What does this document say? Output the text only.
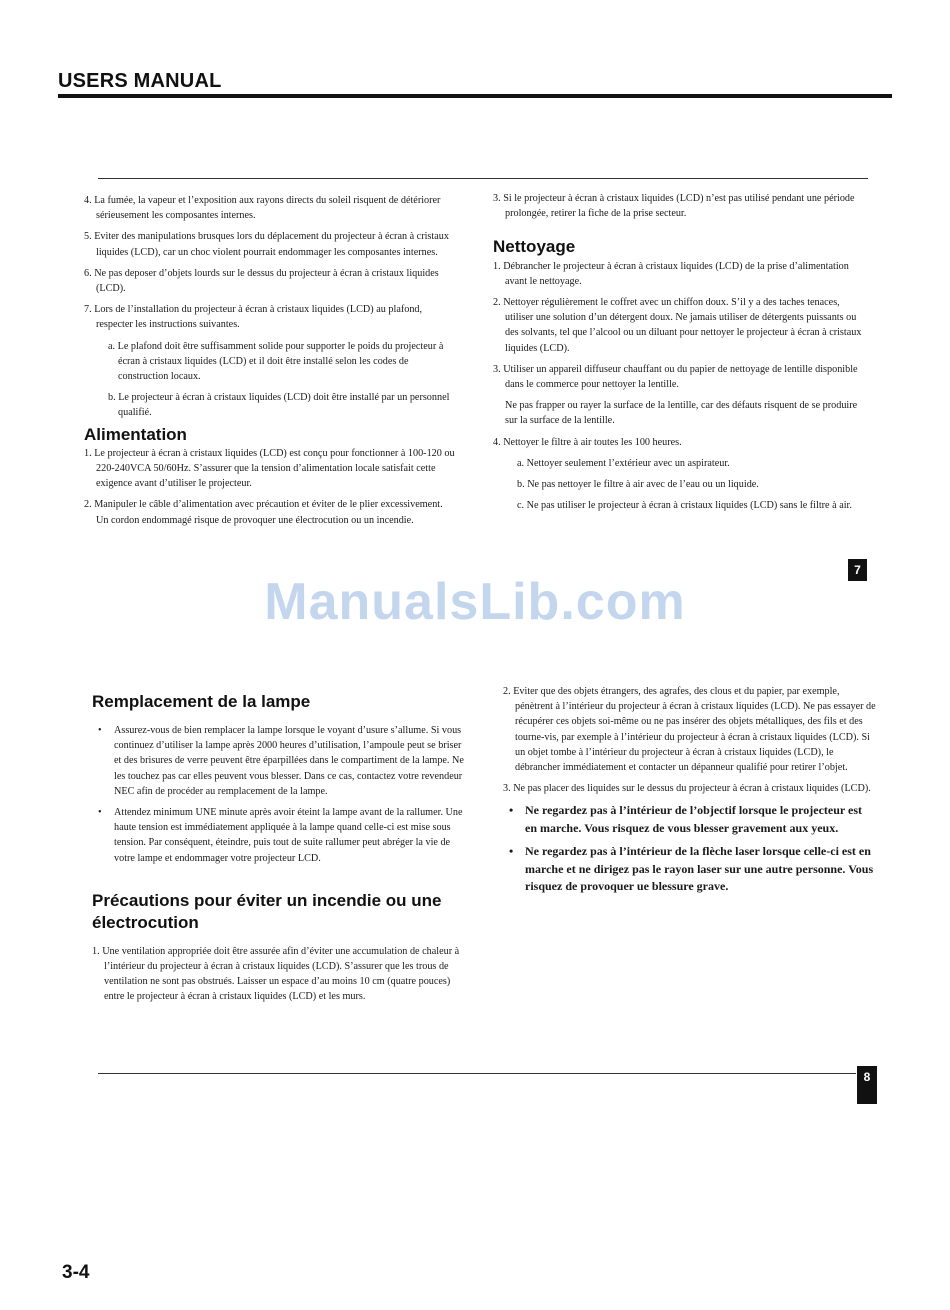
USERS MANUAL

4. La fumée, la vapeur et l’exposition aux rayons directs du soleil risquent de détériorer sérieusement les composantes internes.

5. Eviter des manipulations brusques lors du déplacement du projecteur à écran à cristaux liquides (LCD), car un choc violent pourrait endommager les composantes internes.

6. Ne pas deposer d’objets lourds sur le dessus du projecteur à écran à cristaux liquides (LCD).

7. Lors de l’installation du projecteur à écran à cristaux liquides (LCD) au plafond, respecter les instructions suivantes.

a. Le plafond doit être suffisamment solide pour supporter le poids du projecteur à écran à cristaux liquides (LCD) et il doit être installé selon les codes de construction locaux.

b. Le projecteur à écran à cristaux liquides (LCD) doit être installé par un personnel qualifié.

Alimentation

1. Le projecteur à écran à cristaux liquides (LCD) est conçu pour fonctionner à 100-120 ou 220-240VCA 50/60Hz. S’assurer que la tension d’alimentation locale satisfait cette exigence avant d’utiliser le projecteur.

2. Manipuler le câble d’alimentation avec précaution et éviter de le plier excessivement. Un cordon endommagé risque de provoquer une électrocution ou un incendie.

3. Si le projecteur à écran à cristaux liquides (LCD) n’est pas utilisé pendant une période prolongée, retirer la fiche de la prise secteur.

Nettoyage

1. Débrancher le projecteur à écran à cristaux liquides (LCD) de la prise d’alimentation avant le nettoyage.

2. Nettoyer régulièrement le coffret avec un chiffon doux. S’il y a des taches tenaces, utiliser une solution d’un détergent doux. Ne jamais utiliser de détergents puissants ou des solvants, tel que l’alcool ou un diluant pour nettoyer le projecteur à écran à cristaux liquides (LCD).

3. Utiliser un appareil diffuseur chauffant ou du papier de nettoyage de lentille disponible dans le commerce pour nettoyer la lentille.

Ne pas frapper ou rayer la surface de la lentille, car des défauts risquent de se produire sur la surface de la lentille.

4. Nettoyer le filtre à air toutes les 100 heures.

a. Nettoyer seulement l’extérieur avec un aspirateur.

b. Ne pas nettoyer le filtre à air avec de l’eau ou un liquide.

c. Ne pas utiliser le projecteur à écran à cristaux liquides (LCD) sans le filtre à air.

7
ManualsLib.com
Remplacement de la lampe

• Assurez-vous de bien remplacer la lampe lorsque le voyant d’usure s’allume. Si vous continuez d’utiliser la lampe après 2000 heures d’utilisation, l’ampoule peut se briser et des brisures de verre peuvent être éparpillées dans le compartiment de la lampe. Ne les touchez pas car elles peuvent vous blesser. Dans ce cas, contactez votre revendeur NEC afin de procéder au remplacement de la lampe.

• Attendez minimum UNE minute après avoir éteint la lampe avant de la rallumer. Une haute tension est immédiatement appliquée à la lampe quand celle-ci est mise sous tension. Par conséquent, éteindre, puis tout de suite rallumer peut abréger la vie de votre lampe et endommager votre projecteur LCD.

Précautions pour éviter un incendie ou une électrocution

1. Une ventilation appropriée doit être assurée afin d’éviter une accumulation de chaleur à l’intérieur du projecteur à écran à cristaux liquides (LCD). S’assurer que les trous de ventilation ne sont pas obstrués. Laisser un espace d’au moins 10 cm (quatre pouces) entre le projecteur à écran à cristaux liquides (LCD) et les murs.

2. Eviter que des objets étrangers, des agrafes, des clous et du papier, par exemple, pénètrent à l’intérieur du projecteur à écran à cristaux liquides (LCD). Ne pas essayer de récupérer ces objets soi-même ou ne pas insérer des objets métalliques, des fils et des tourne-vis, par exemple à l’intérieur du projecteur à écran à cristaux liquides (LCD). Si un objet tombe à l’intérieur du projecteur à écran à cristaux liquides (LCD), le débrancher immédiatement et contacter un dépanneur qualifié pour retirer l’objet.

3. Ne pas placer des liquides sur le dessus du projecteur à écran à cristaux liquides (LCD).

• Ne regardez pas à l’intérieur de l’objectif lorsque le projecteur est en marche. Vous risquez de vous blesser gravement aux yeux.

• Ne regardez pas à l’intérieur de la flèche laser lorsque celle-ci est en marche et ne dirigez pas le rayon laser sur une autre personne. Vous risquez de provoquer ue blessure grave.

8
3-4
